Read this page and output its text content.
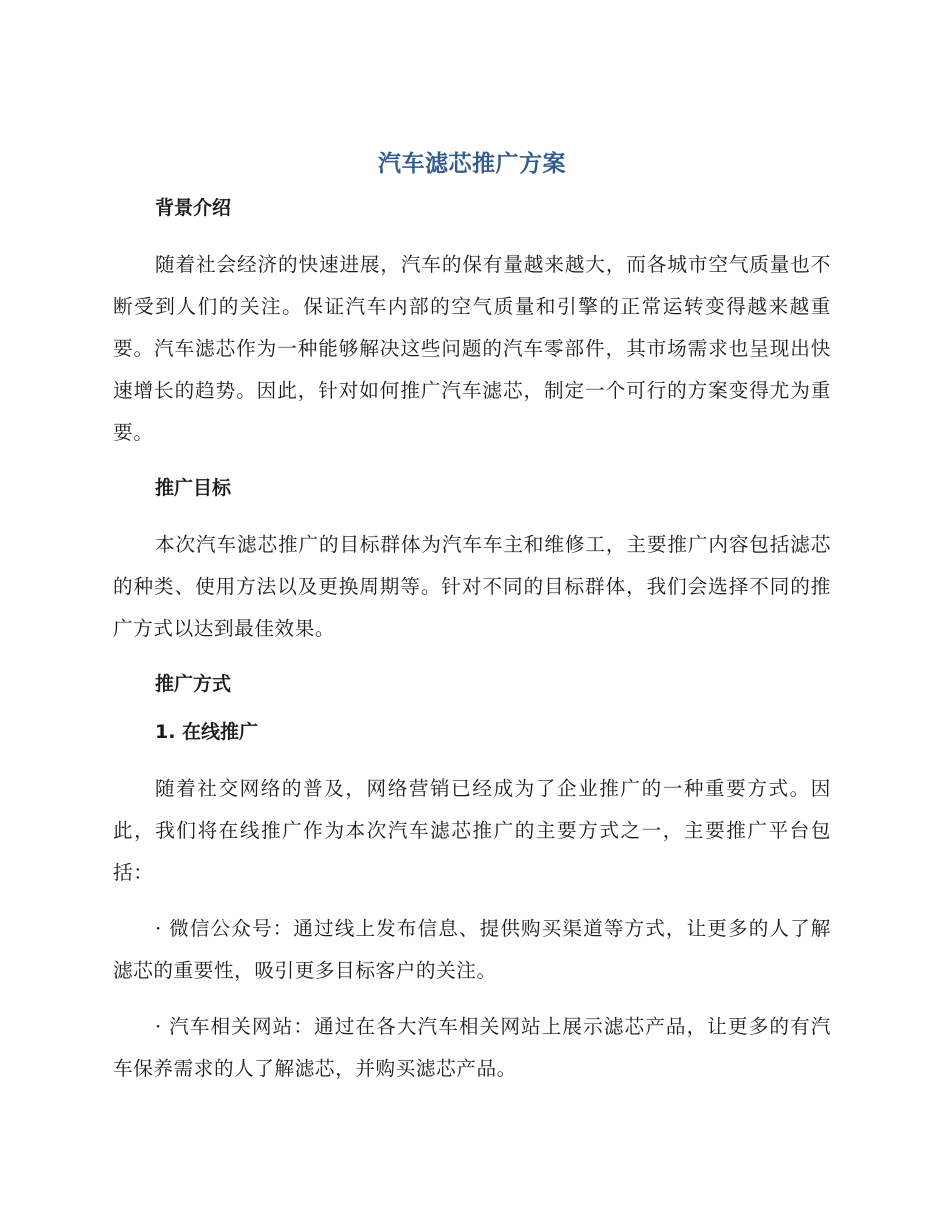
汽车滤芯推广方案
背景介绍

随着社会经济的快速进展，汽车的保有量越来越大，而各城市空气质量也不断受到人们的关注。保证汽车内部的空气质量和引擎的正常运转变得越来越重要。汽车滤芯作为一种能够解决这些问题的汽车零部件，其市场需求也呈现出快速增长的趋势。因此，针对如何推广汽车滤芯，制定一个可行的方案变得尤为重要。

推广目标

本次汽车滤芯推广的目标群体为汽车车主和维修工，主要推广内容包括滤芯的种类、使用方法以及更换周期等。针对不同的目标群体，我们会选择不同的推广方式以达到最佳效果。

推广方式
1. 在线推广

随着社交网络的普及，网络营销已经成为了企业推广的一种重要方式。因此，我们将在线推广作为本次汽车滤芯推广的主要方式之一，主要推广平台包括：

· 微信公众号：通过线上发布信息、提供购买渠道等方式，让更多的人了解滤芯的重要性，吸引更多目标客户的关注。

· 汽车相关网站：通过在各大汽车相关网站上展示滤芯产品，让更多的有汽车保养需求的人了解滤芯，并购买滤芯产品。
